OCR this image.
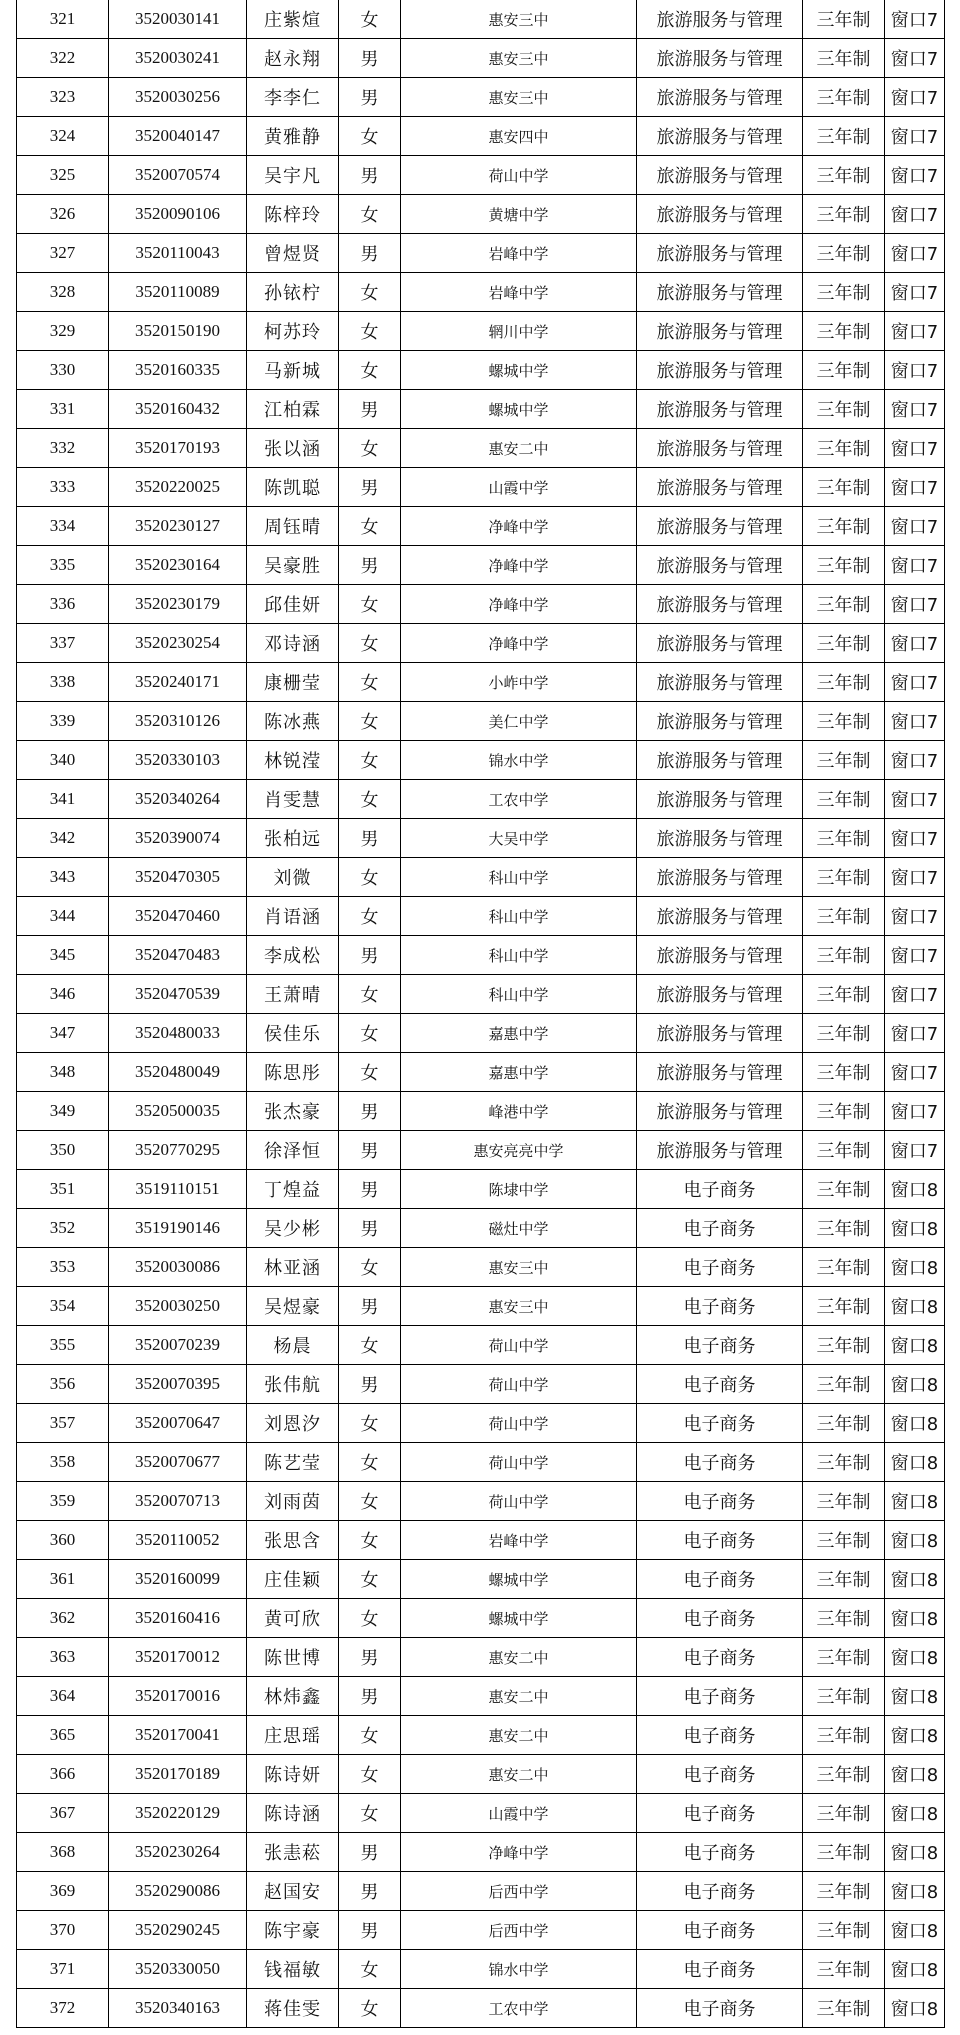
321	3520030141	庄紫煊	女	惠安三中	旅游服务与管理	三年制	窗口7
322	3520030241	赵永翔	男	惠安三中	旅游服务与管理	三年制	窗口7
323	3520030256	李李仁	男	惠安三中	旅游服务与管理	三年制	窗口7
324	3520040147	黄雅静	女	惠安四中	旅游服务与管理	三年制	窗口7
325	3520070574	吴宇凡	男	荷山中学	旅游服务与管理	三年制	窗口7
326	3520090106	陈梓玲	女	黄塘中学	旅游服务与管理	三年制	窗口7
327	3520110043	曾煜贤	男	岩峰中学	旅游服务与管理	三年制	窗口7
328	3520110089	孙铱柠	女	岩峰中学	旅游服务与管理	三年制	窗口7
329	3520150190	柯苏玲	女	辋川中学	旅游服务与管理	三年制	窗口7
330	3520160335	马新城	女	螺城中学	旅游服务与管理	三年制	窗口7
331	3520160432	江柏霖	男	螺城中学	旅游服务与管理	三年制	窗口7
332	3520170193	张以涵	女	惠安二中	旅游服务与管理	三年制	窗口7
333	3520220025	陈凯聪	男	山霞中学	旅游服务与管理	三年制	窗口7
334	3520230127	周钰晴	女	净峰中学	旅游服务与管理	三年制	窗口7
335	3520230164	吴豪胜	男	净峰中学	旅游服务与管理	三年制	窗口7
336	3520230179	邱佳妍	女	净峰中学	旅游服务与管理	三年制	窗口7
337	3520230254	邓诗涵	女	净峰中学	旅游服务与管理	三年制	窗口7
338	3520240171	康栅莹	女	小岞中学	旅游服务与管理	三年制	窗口7
339	3520310126	陈冰燕	女	美仁中学	旅游服务与管理	三年制	窗口7
340	3520330103	林锐滢	女	锦水中学	旅游服务与管理	三年制	窗口7
341	3520340264	肖雯慧	女	工农中学	旅游服务与管理	三年制	窗口7
342	3520390074	张柏远	男	大吴中学	旅游服务与管理	三年制	窗口7
343	3520470305	刘微	女	科山中学	旅游服务与管理	三年制	窗口7
344	3520470460	肖语涵	女	科山中学	旅游服务与管理	三年制	窗口7
345	3520470483	李成松	男	科山中学	旅游服务与管理	三年制	窗口7
346	3520470539	王萧晴	女	科山中学	旅游服务与管理	三年制	窗口7
347	3520480033	侯佳乐	女	嘉惠中学	旅游服务与管理	三年制	窗口7
348	3520480049	陈思彤	女	嘉惠中学	旅游服务与管理	三年制	窗口7
349	3520500035	张杰豪	男	峰港中学	旅游服务与管理	三年制	窗口7
350	3520770295	徐泽恒	男	惠安亮亮中学	旅游服务与管理	三年制	窗口7
351	3519110151	丁煌益	男	陈埭中学	电子商务	三年制	窗口8
352	3519190146	吴少彬	男	磁灶中学	电子商务	三年制	窗口8
353	3520030086	林亚涵	女	惠安三中	电子商务	三年制	窗口8
354	3520030250	吴煜豪	男	惠安三中	电子商务	三年制	窗口8
355	3520070239	杨晨	女	荷山中学	电子商务	三年制	窗口8
356	3520070395	张伟航	男	荷山中学	电子商务	三年制	窗口8
357	3520070647	刘恩汐	女	荷山中学	电子商务	三年制	窗口8
358	3520070677	陈艺莹	女	荷山中学	电子商务	三年制	窗口8
359	3520070713	刘雨茵	女	荷山中学	电子商务	三年制	窗口8
360	3520110052	张思含	女	岩峰中学	电子商务	三年制	窗口8
361	3520160099	庄佳颖	女	螺城中学	电子商务	三年制	窗口8
362	3520160416	黄可欣	女	螺城中学	电子商务	三年制	窗口8
363	3520170012	陈世博	男	惠安二中	电子商务	三年制	窗口8
364	3520170016	林炜鑫	男	惠安二中	电子商务	三年制	窗口8
365	3520170041	庄思瑶	女	惠安二中	电子商务	三年制	窗口8
366	3520170189	陈诗妍	女	惠安二中	电子商务	三年制	窗口8
367	3520220129	陈诗涵	女	山霞中学	电子商务	三年制	窗口8
368	3520230264	张恚菘	男	净峰中学	电子商务	三年制	窗口8
369	3520290086	赵国安	男	后西中学	电子商务	三年制	窗口8
370	3520290245	陈宇豪	男	后西中学	电子商务	三年制	窗口8
371	3520330050	钱福敏	女	锦水中学	电子商务	三年制	窗口8
372	3520340163	蒋佳雯	女	工农中学	电子商务	三年制	窗口8
